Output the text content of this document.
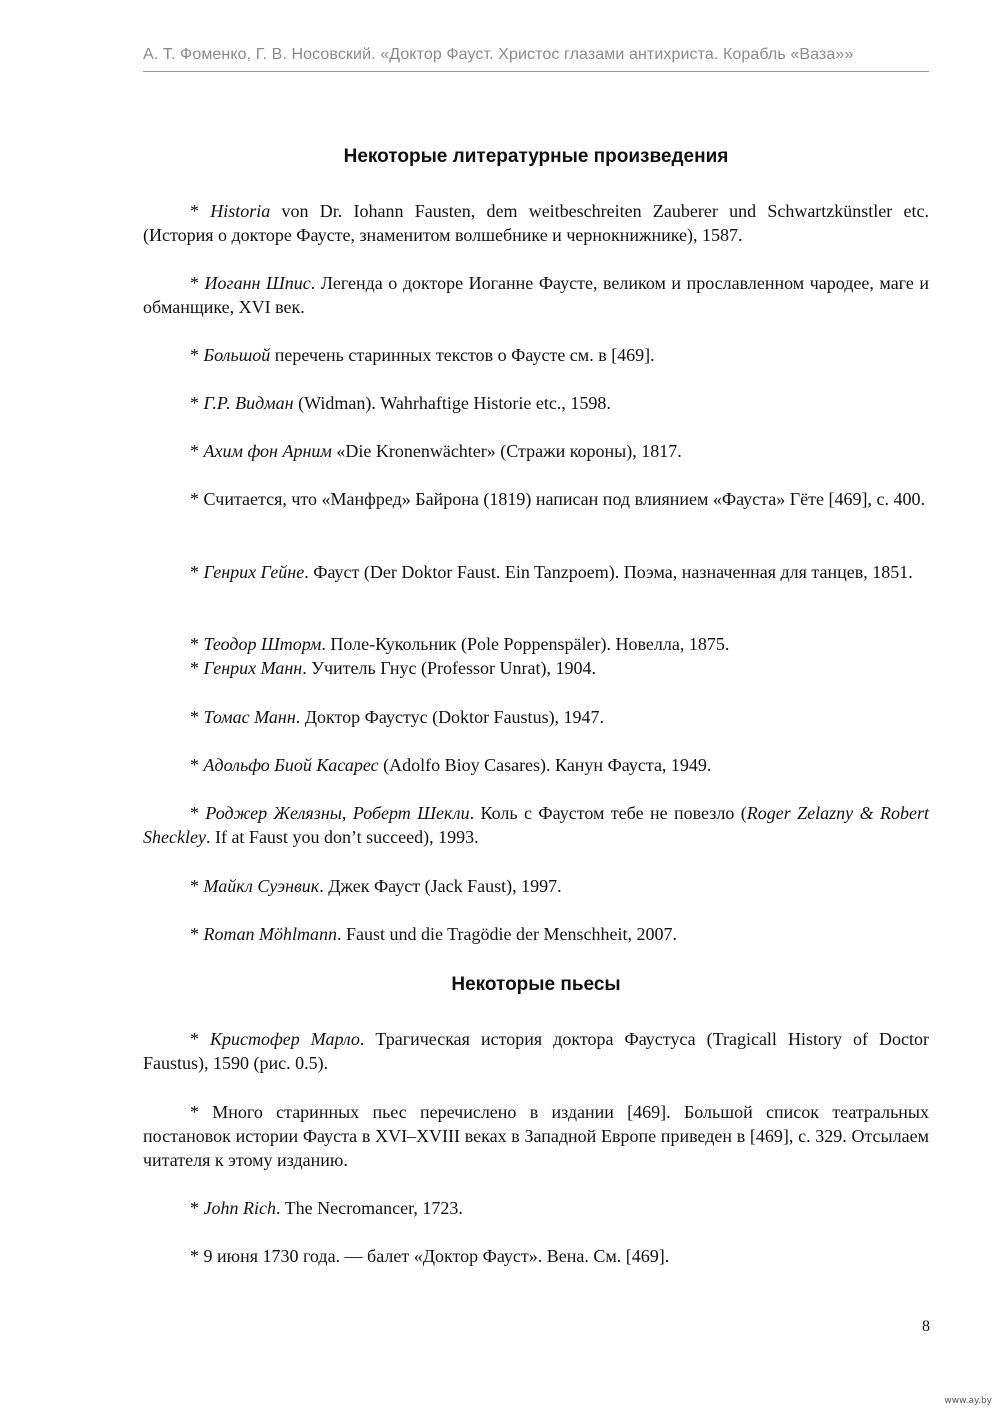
А. Т. Фоменко, Г. В. Носовский. «Доктор Фауст. Христос глазами антихриста. Корабль «Ваза»»
Некоторые литературные произведения
* Historia von Dr. Iohann Fausten, dem weitbeschreiten Zauberer und Schwartzkünstler etc. (История о докторе Фаусте, знаменитом волшебнике и чернокнижнике), 1587.
* Иоганн Шпис. Легенда о докторе Иоганне Фаусте, великом и прославленном чародее, маге и обманщике, XVI век.
* Большой перечень старинных текстов о Фаусте см. в [469].
* Г.Р. Видман (Widman). Wahrhaftige Historie etc., 1598.
* Ахим фон Арним «Die Kronenwächter» (Стражи короны), 1817.
* Считается, что «Манфред» Байрона (1819) написан под влиянием «Фауста» Гёте [469], с. 400.
* Генрих Гейне. Фауст (Der Doktor Faust. Ein Tanzpoem). Поэма, назначенная для танцев, 1851.
* Теодор Шторм. Поле-Кукольник (Pole Poppenspäler). Новелла, 1875.
* Генрих Манн. Учитель Гнус (Professor Unrat), 1904.
* Томас Манн. Доктор Фаустус (Doktor Faustus), 1947.
* Адольфо Биой Касарес (Adolfo Bioy Casares). Канун Фауста, 1949.
* Роджер Желязны, Роберт Шекли. Коль с Фаустом тебе не повезло (Roger Zelazny & Robert Sheckley. If at Faust you don’t succeed), 1993.
* Майкл Суэнвик. Джек Фауст (Jack Faust), 1997.
* Roman Möhlmann. Faust und die Tragödie der Menschheit, 2007.
Некоторые пьесы
* Кристофер Марло. Трагическая история доктора Фаустуса (Tragicall History of Doctor Faustus), 1590 (рис. 0.5).
* Много старинных пьес перечислено в издании [469]. Большой список театральных постановок истории Фауста в XVI–XVIII веках в Западной Европе приведен в [469], с. 329. Отсылаем читателя к этому изданию.
* John Rich. The Necromancer, 1723.
* 9 июня 1730 года. — балет «Доктор Фауст». Вена. См. [469].
8
www.ay.by
